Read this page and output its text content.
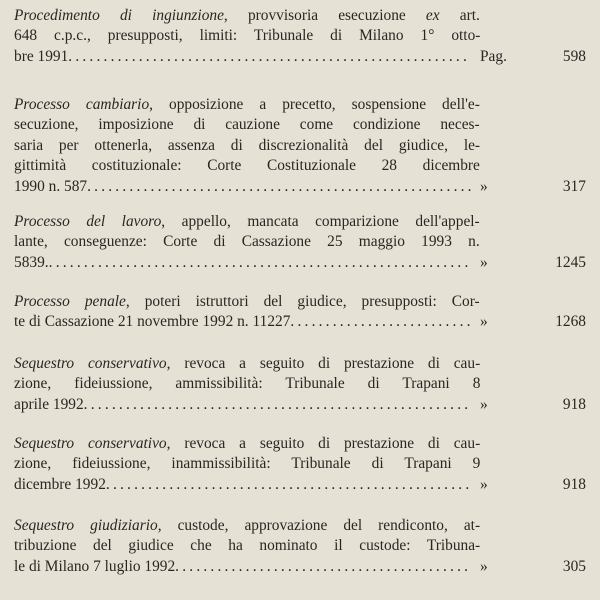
Procedimento di ingiunzione, provvisoria esecuzione ex art.
648 c.p.c., presupposti, limiti: Tribunale di Milano 1° otto-
bre 1991 ......................................................... Pag.	598
Processo cambiario, opposizione a precetto, sospensione dell'e-
secuzione, imposizione di cauzione come condizione neces-
saria per ottenerla, assenza di discrezionalità del giudice, le-
gittimità costituzionale: Corte Costituzionale 28 dicembre
1990 n. 587 ....................................................... »	317
Processo del lavoro, appello, mancata comparizione dell'appel-
lante, conseguenze: Corte di Cassazione 25 maggio 1993 n.
5839. ............................................................ »	1245
Processo penale, poteri istruttori del giudice, presupposti: Cor-
te di Cassazione 21 novembre 1992 n. 11227 .......................... »	1268
Sequestro conservativo, revoca a seguito di prestazione di cau-
zione, fideiussione, ammissibilità: Tribunale di Trapani 8
aprile 1992 ....................................................... »	918
Sequestro conservativo, revoca a seguito di prestazione di cau-
zione, fideiussione, inammissibilità: Tribunale di Trapani 9
dicembre 1992 .................................................... »	918
Sequestro giudiziario, custode, approvazione del rendiconto, at-
tribuzione del giudice che ha nominato il custode: Tribuna-
le di Milano 7 luglio 1992 .......................................... »	305
